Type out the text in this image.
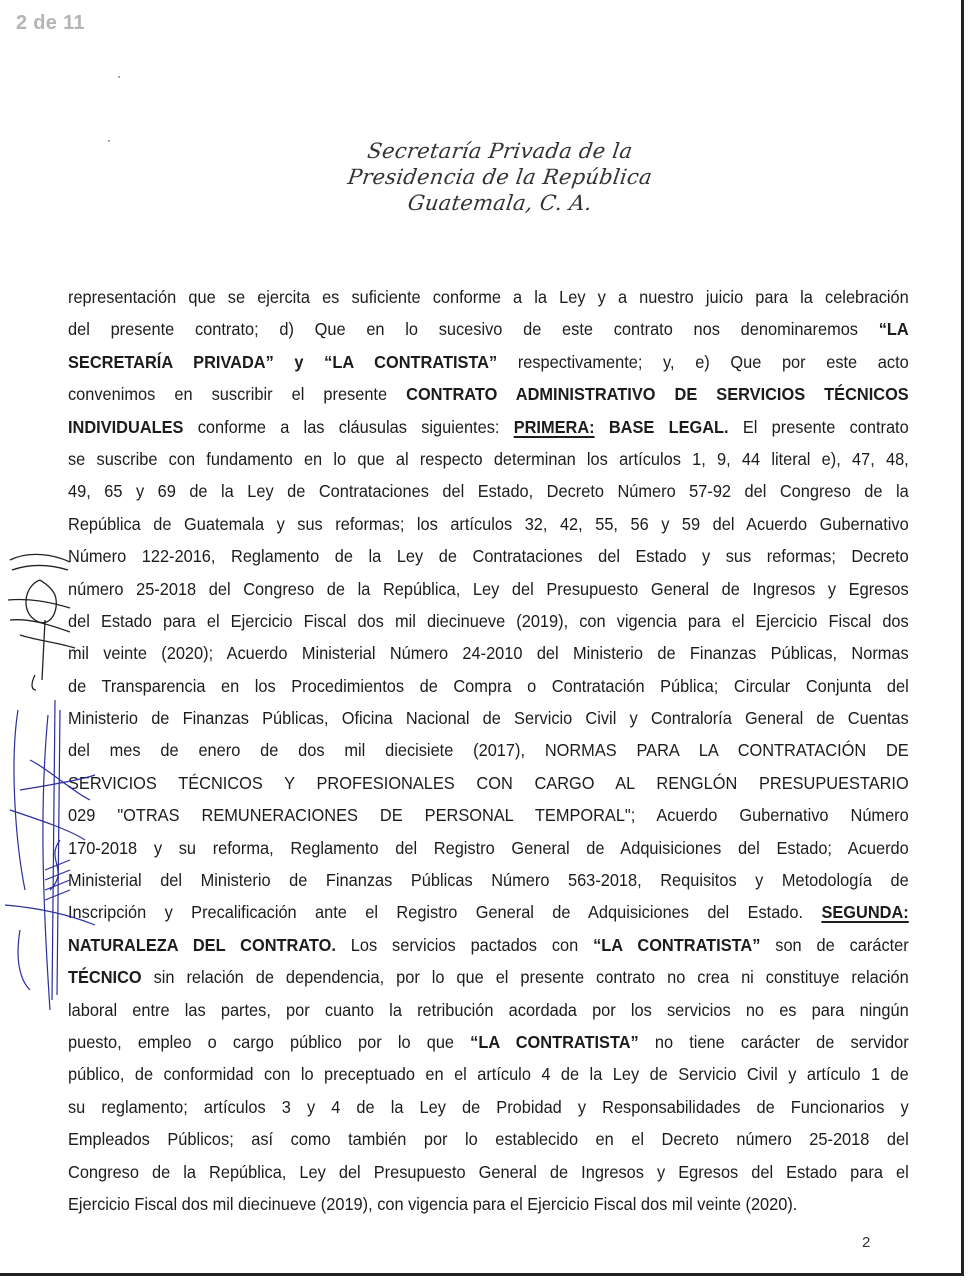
2 de 11
Secretaría Privada de la
Presidencia de la República
Guatemala, C. A.
representación que se ejercita es suficiente conforme a la Ley y a nuestro juicio para la celebración
del presente contrato; d) Que en lo sucesivo de este contrato nos denominaremos “LA
SECRETARÍA PRIVADA” y “LA CONTRATISTA” respectivamente; y, e) Que por este acto
convenimos en suscribir el presente CONTRATO ADMINISTRATIVO DE SERVICIOS TÉCNICOS
INDIVIDUALES conforme a las cláusulas siguientes: PRIMERA: BASE LEGAL. El presente contrato
se suscribe con fundamento en lo que al respecto determinan los artículos 1, 9, 44 literal e), 47, 48,
49, 65 y 69 de la Ley de Contrataciones del Estado, Decreto Número 57-92 del Congreso de la
República de Guatemala y sus reformas; los artículos 32, 42, 55, 56 y 59 del Acuerdo Gubernativo
Número 122-2016, Reglamento de la Ley de Contrataciones del Estado y sus reformas; Decreto
número 25-2018 del Congreso de la República, Ley del Presupuesto General de Ingresos y Egresos
del Estado para el Ejercicio Fiscal dos mil diecinueve (2019), con vigencia para el Ejercicio Fiscal dos
mil veinte (2020); Acuerdo Ministerial Número 24-2010 del Ministerio de Finanzas Públicas, Normas
de Transparencia en los Procedimientos de Compra o Contratación Pública; Circular Conjunta del
Ministerio de Finanzas Públicas, Oficina Nacional de Servicio Civil y Contraloría General de Cuentas
del mes de enero de dos mil diecisiete (2017), NORMAS PARA LA CONTRATACIÓN DE
SERVICIOS TÉCNICOS Y PROFESIONALES CON CARGO AL RENGLÓN PRESUPUESTARIO
029 "OTRAS REMUNERACIONES DE PERSONAL TEMPORAL"; Acuerdo Gubernativo Número
170-2018 y su reforma, Reglamento del Registro General de Adquisiciones del Estado; Acuerdo
Ministerial del Ministerio de Finanzas Públicas Número 563-2018, Requisitos y Metodología de
Inscripción y Precalificación ante el Registro General de Adquisiciones del Estado. SEGUNDA:
NATURALEZA DEL CONTRATO. Los servicios pactados con “LA CONTRATISTA” son de carácter
TÉCNICO sin relación de dependencia, por lo que el presente contrato no crea ni constituye relación
laboral entre las partes, por cuanto la retribución acordada por los servicios no es para ningún
puesto, empleo o cargo público por lo que “LA CONTRATISTA” no tiene carácter de servidor
público, de conformidad con lo preceptuado en el artículo 4 de la Ley de Servicio Civil y artículo 1 de
su reglamento; artículos 3 y 4 de la Ley de Probidad y Responsabilidades de Funcionarios y
Empleados Públicos; así como también por lo establecido en el Decreto número 25-2018 del
Congreso de la República, Ley del Presupuesto General de Ingresos y Egresos del Estado para el
Ejercicio Fiscal dos mil diecinueve (2019), con vigencia para el Ejercicio Fiscal dos mil veinte (2020).
2
